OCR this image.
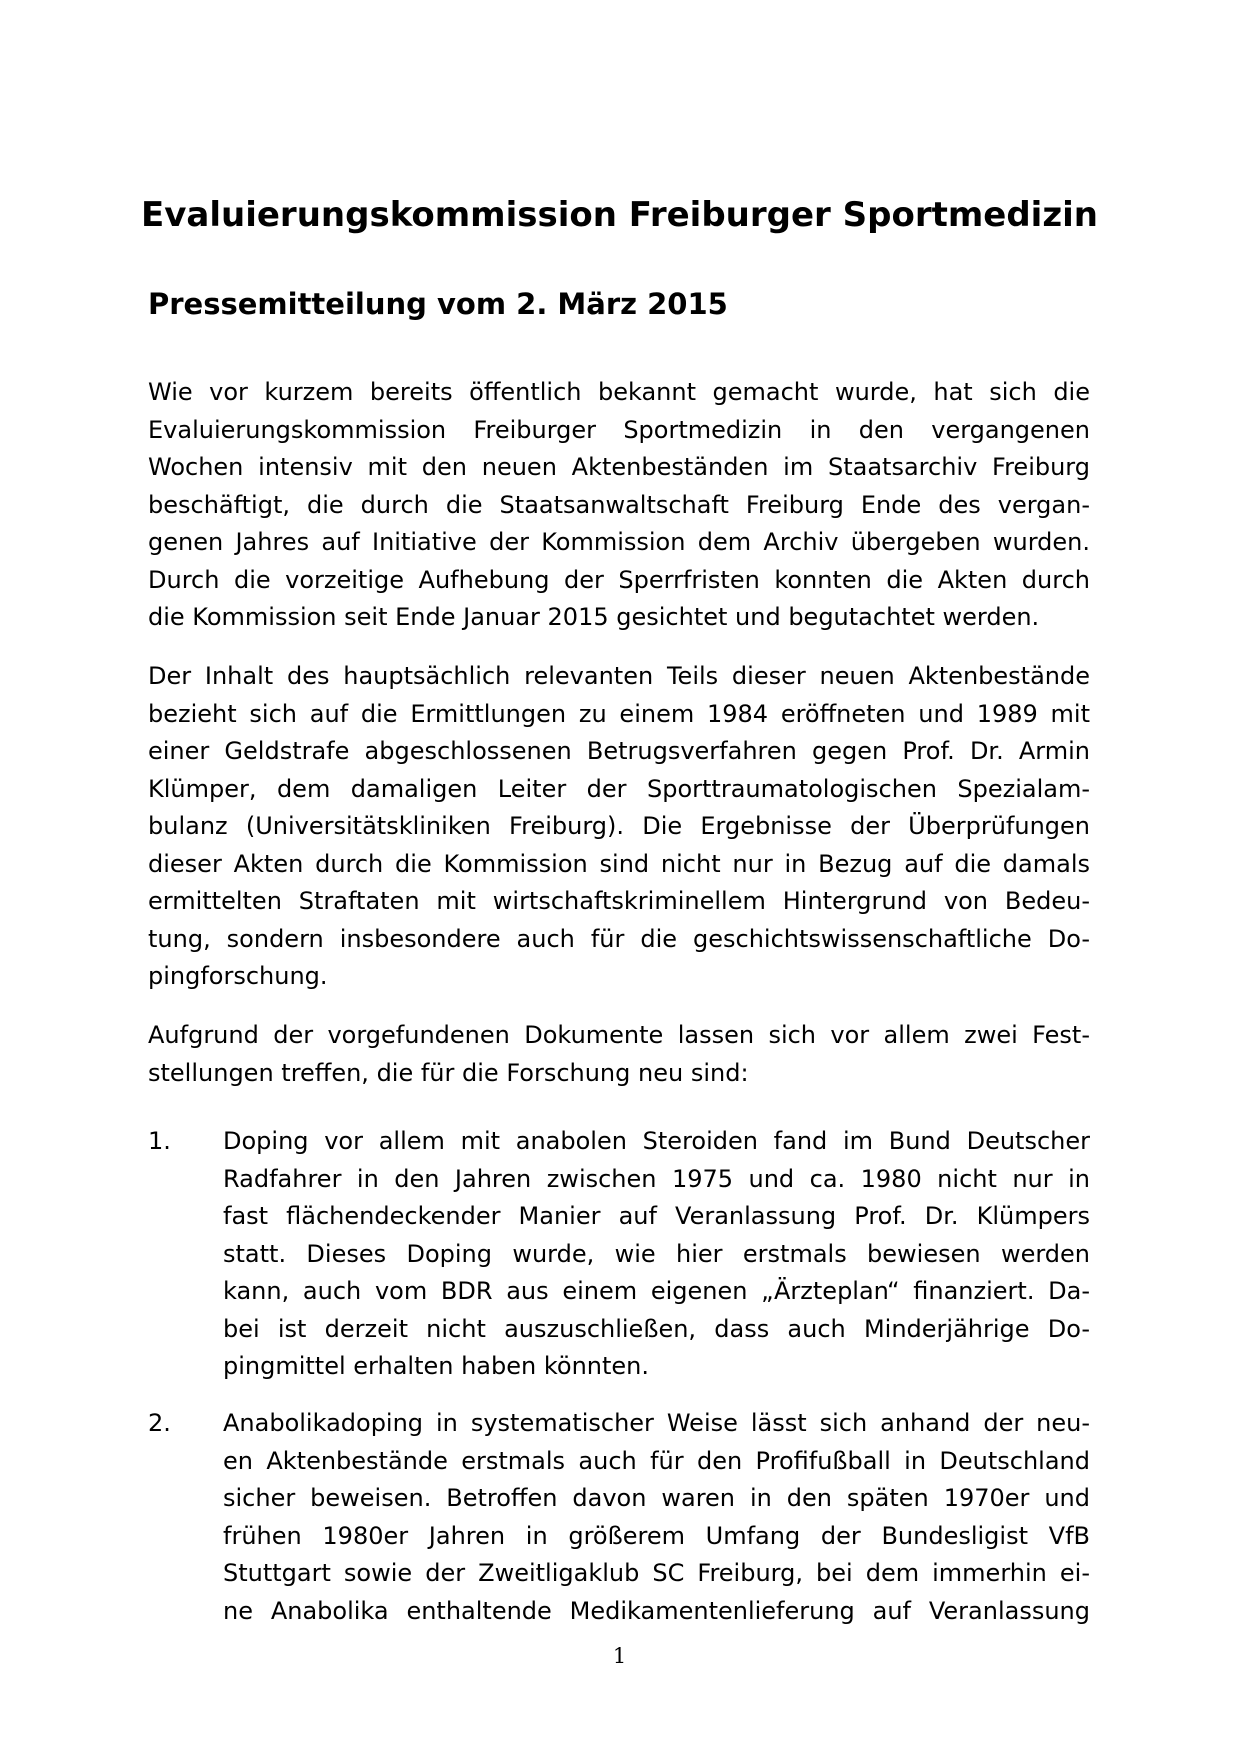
Evaluierungskommission Freiburger Sportmedizin
Pressemitteilung vom 2. März 2015
Wie vor kurzem bereits öffentlich bekannt gemacht wurde, hat sich die
Evaluierungskommission Freiburger Sportmedizin in den vergangenen
Wochen intensiv mit den neuen Aktenbeständen im Staatsarchiv Freiburg
beschäftigt, die durch die Staatsanwaltschaft Freiburg Ende des vergan-
genen Jahres auf Initiative der Kommission dem Archiv übergeben wurden.
Durch die vorzeitige Aufhebung der Sperrfristen konnten die Akten durch
die Kommission seit Ende Januar 2015 gesichtet und begutachtet werden.
Der Inhalt des hauptsächlich relevanten Teils dieser neuen Aktenbestände
bezieht sich auf die Ermittlungen zu einem 1984 eröffneten und 1989 mit
einer Geldstrafe abgeschlossenen Betrugsverfahren gegen Prof. Dr. Armin
Klümper, dem damaligen Leiter der Sporttraumatologischen Spezialam-
bulanz (Universitätskliniken Freiburg). Die Ergebnisse der Überprüfungen
dieser Akten durch die Kommission sind nicht nur in Bezug auf die damals
ermittelten Straftaten mit wirtschaftskriminellem Hintergrund von Bedeu-
tung, sondern insbesondere auch für die geschichtswissenschaftliche Do-
pingforschung.
Aufgrund der vorgefundenen Dokumente lassen sich vor allem zwei Fest-
stellungen treffen, die für die Forschung neu sind:
1.	Doping vor allem mit anabolen Steroiden fand im Bund Deutscher
Radfahrer in den Jahren zwischen 1975 und ca. 1980 nicht nur in
fast flächendeckender Manier auf Veranlassung Prof. Dr. Klümpers
statt. Dieses Doping wurde, wie hier erstmals bewiesen werden
kann, auch vom BDR aus einem eigenen „Ärzteplan“ finanziert. Da-
bei ist derzeit nicht auszuschließen, dass auch Minderjährige Do-
pingmittel erhalten haben könnten.
2.	Anabolikadoping in systematischer Weise lässt sich anhand der neu-
en Aktenbestände erstmals auch für den Profifußball in Deutschland
sicher beweisen. Betroffen davon waren in den späten 1970er und
frühen 1980er Jahren in größerem Umfang der Bundesligist VfB
Stuttgart sowie der Zweitligaklub SC Freiburg, bei dem immerhin ei-
ne Anabolika enthaltende Medikamentenlieferung auf Veranlassung
1
